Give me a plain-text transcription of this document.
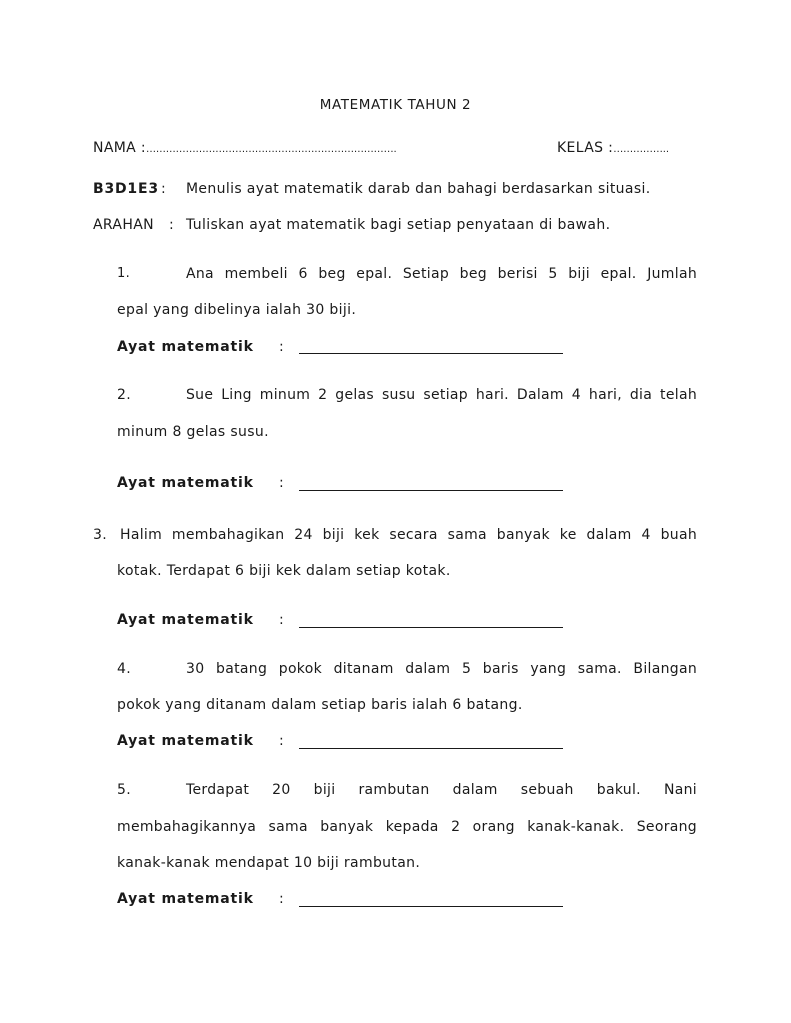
MATEMATIK TAHUN 2
NAMA :………………………………………………………………….	KELAS :……………..
B3D1E3 : Menulis ayat matematik darab dan bahagi berdasarkan situasi.
ARAHAN : Tuliskan ayat matematik bagi setiap penyataan di bawah.
1.	Ana membeli 6 beg epal. Setiap beg berisi 5 biji epal. Jumlah
epal yang dibelinya ialah 30 biji.
Ayat matematik :
2.	Sue Ling minum 2 gelas susu setiap hari. Dalam 4 hari, dia telah
minum 8 gelas susu.
Ayat matematik :
3. Halim membahagikan 24 biji kek secara sama banyak ke dalam 4 buah
kotak. Terdapat 6 biji kek dalam setiap kotak.
Ayat matematik :
4.	30 batang pokok ditanam dalam 5 baris yang sama. Bilangan
pokok yang ditanam dalam setiap baris ialah 6 batang.
Ayat matematik :
5.	Terdapat 20 biji rambutan dalam sebuah bakul. Nani
membahagikannya sama banyak kepada 2 orang kanak-kanak. Seorang
kanak-kanak mendapat 10 biji rambutan.
Ayat matematik :
